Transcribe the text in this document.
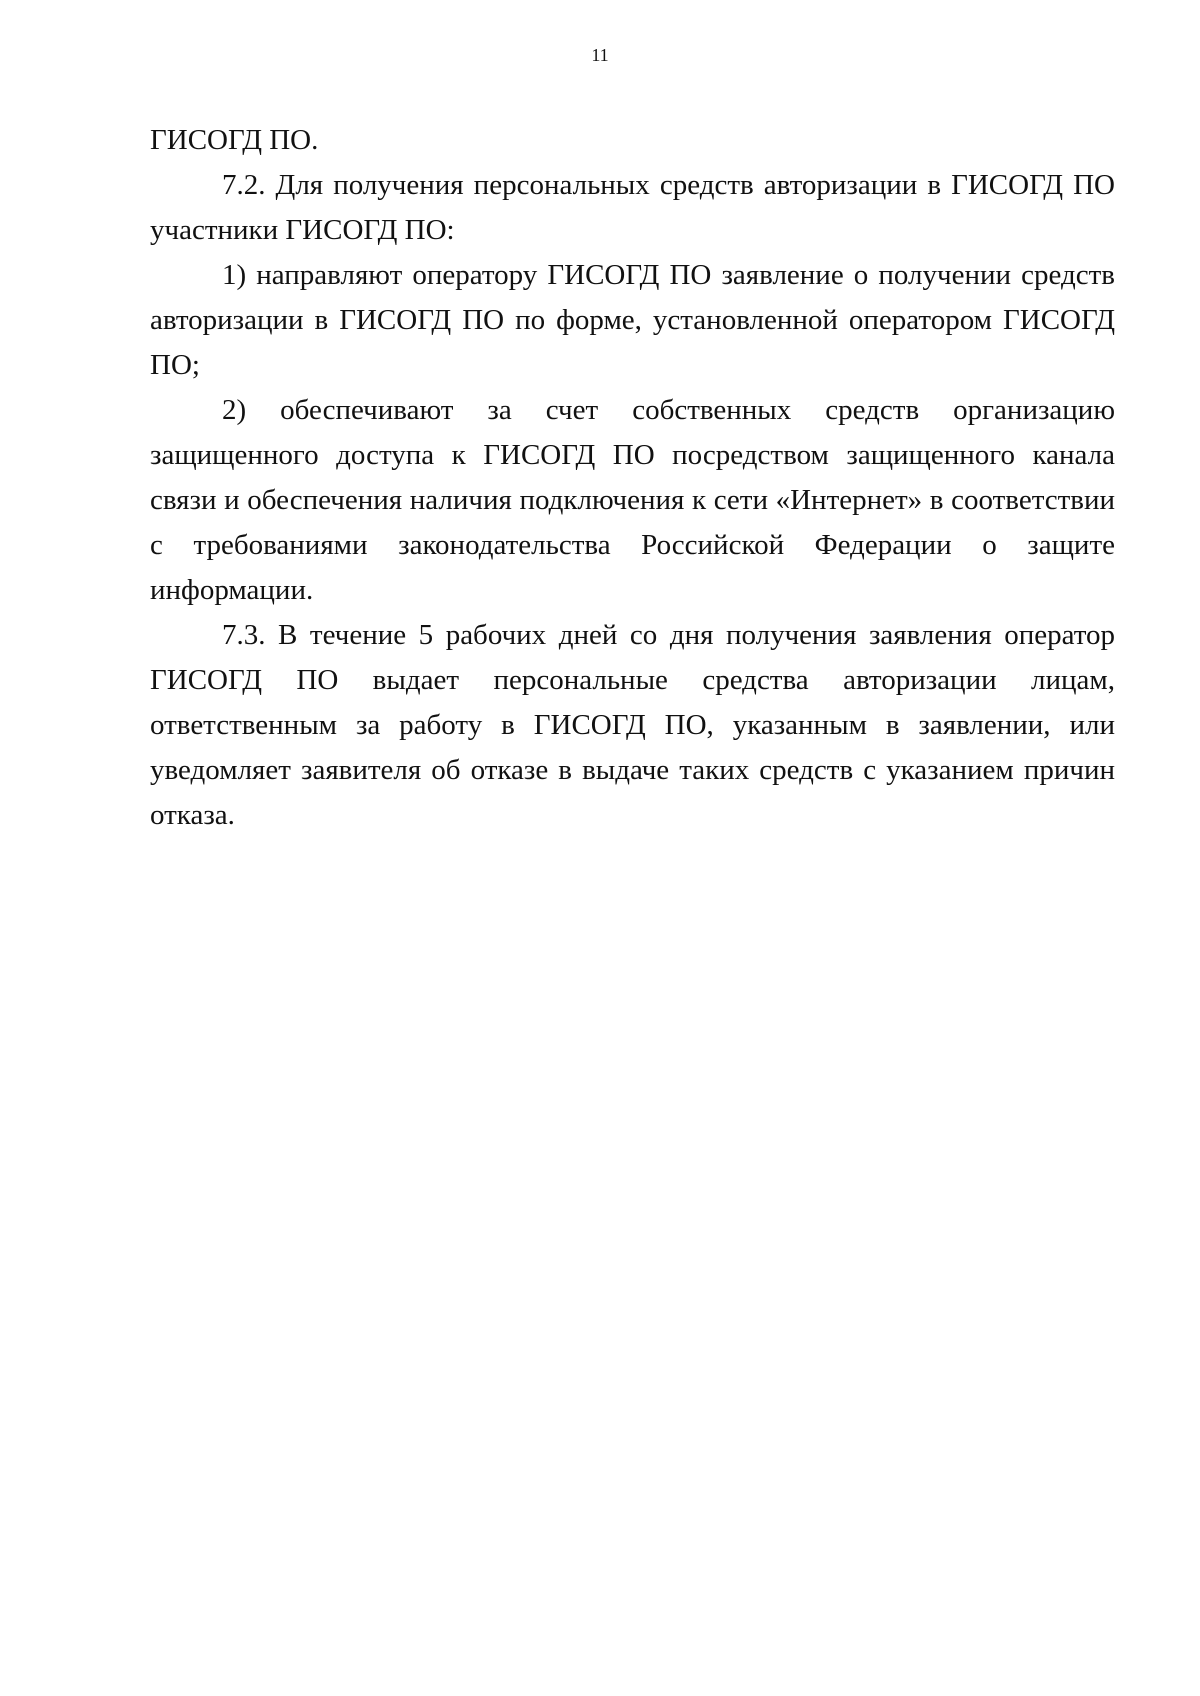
11

ГИСОГД ПО.

7.2. Для получения персональных средств авторизации в ГИСОГД ПО участники ГИСОГД ПО:

1) направляют оператору ГИСОГД ПО заявление о получении средств авторизации в ГИСОГД ПО по форме, установленной оператором ГИСОГД ПО;

2) обеспечивают за счет собственных средств организацию защищенного доступа к ГИСОГД ПО посредством защищенного канала связи и обеспечения наличия подключения к сети «Интернет» в соответствии с требованиями законодательства Российской Федерации о защите информации.

7.3. В течение 5 рабочих дней со дня получения заявления оператор ГИСОГД ПО выдает персональные средства авторизации лицам, ответственным за работу в ГИСОГД ПО, указанным в заявлении, или уведомляет заявителя об отказе в выдаче таких средств с указанием причин отказа.
